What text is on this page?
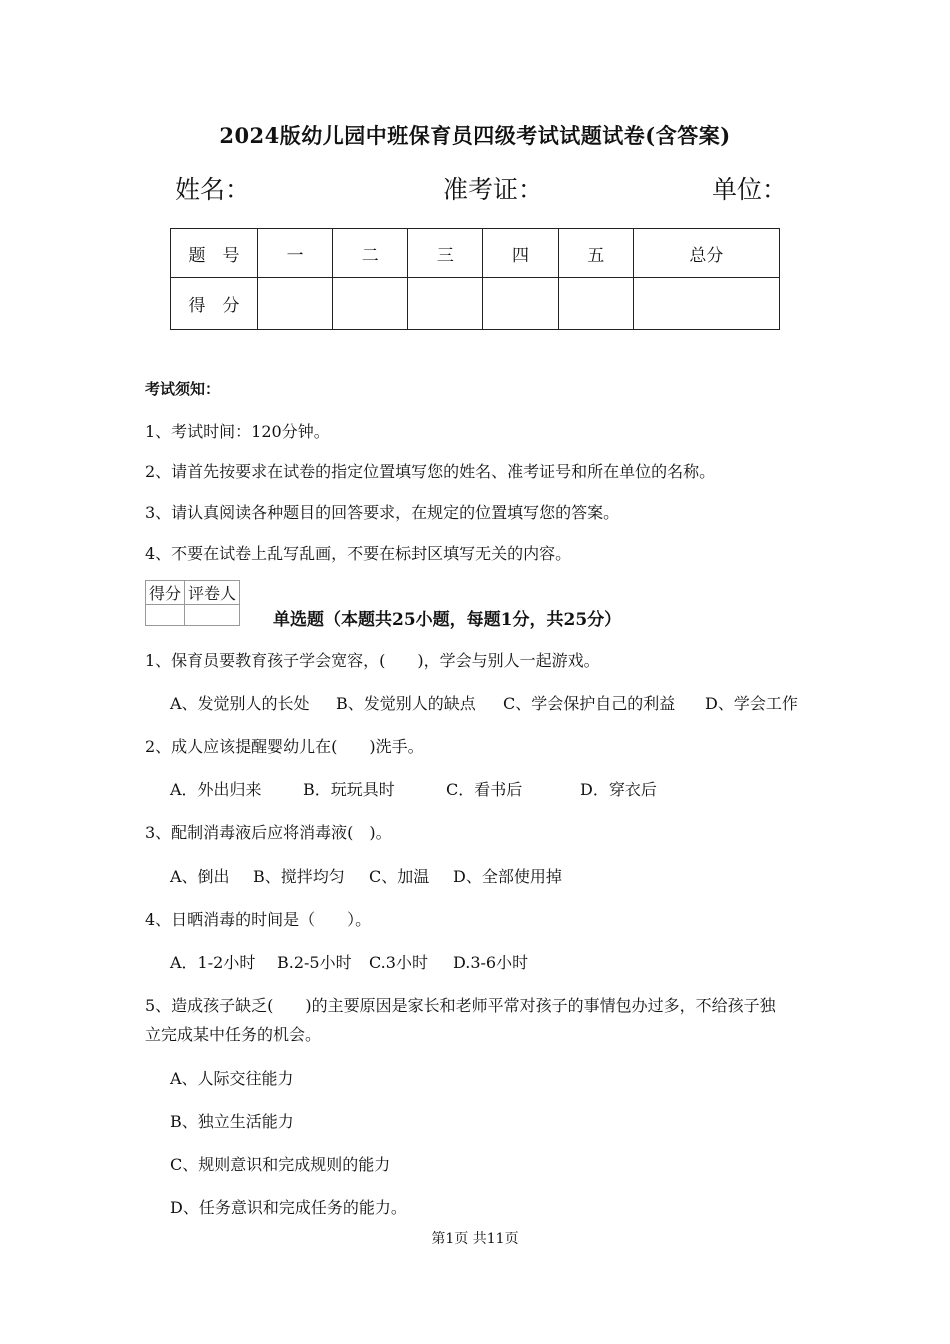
2024版幼儿园中班保育员四级考试试题试卷(含答案)
姓名：	准考证：	单位：
题　号	一	二	三	四	五	总分
得　分						
考试须知：
1、考试时间：120分钟。
2、请首先按要求在试卷的指定位置填写您的姓名、准考证号和所在单位的名称。
3、请认真阅读各种题目的回答要求，在规定的位置填写您的答案。
4、不要在试卷上乱写乱画，不要在标封区填写无关的内容。
得分	评卷人

单选题（本题共25小题，每题1分，共25分）
1、保育员要教育孩子学会宽容，(　　)，学会与别人一起游戏。
A、发觉别人的长处 B、发觉别人的缺点 C、学会保护自己的利益 D、学会工作
2、成人应该提醒婴幼儿在(　　)洗手。
A．外出归来	B．玩玩具时	C．看书后	D．穿衣后
3、配制消毒液后应将消毒液(　)。
A、倒出 B、搅拌均匀 C、加温 D、全部使用掉
4、日晒消毒的时间是（　　）。
A．1-2小时 B.2-5小时 C.3小时 D.3-6小时
5、造成孩子缺乏(　　)的主要原因是家长和老师平常对孩子的事情包办过多，不给孩子独
立完成某中任务的机会。
A、人际交往能力
B、独立生活能力
C、规则意识和完成规则的能力
D、任务意识和完成任务的能力。
第1页 共11页
